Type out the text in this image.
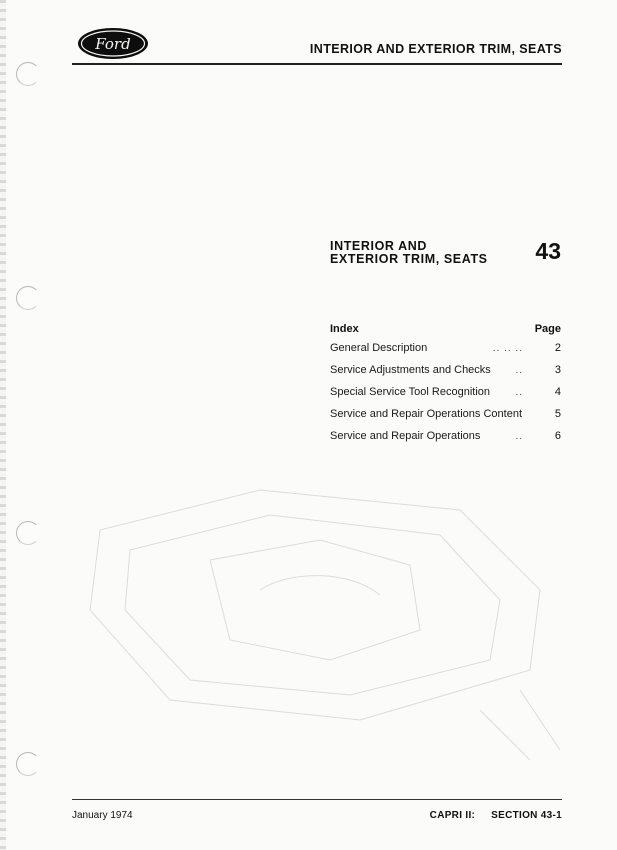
Ford	INTERIOR AND EXTERIOR TRIM, SEATS
INTERIOR AND
EXTERIOR TRIM, SEATS	43
Index	Page
General Description	.. .. ..	2
Service Adjustments and Checks	..	3
Special Service Tool Recognition	..	4
Service and Repair Operations Content	5
Service and Repair Operations	..	6
January 1974	CAPRI II: SECTION 43-1
